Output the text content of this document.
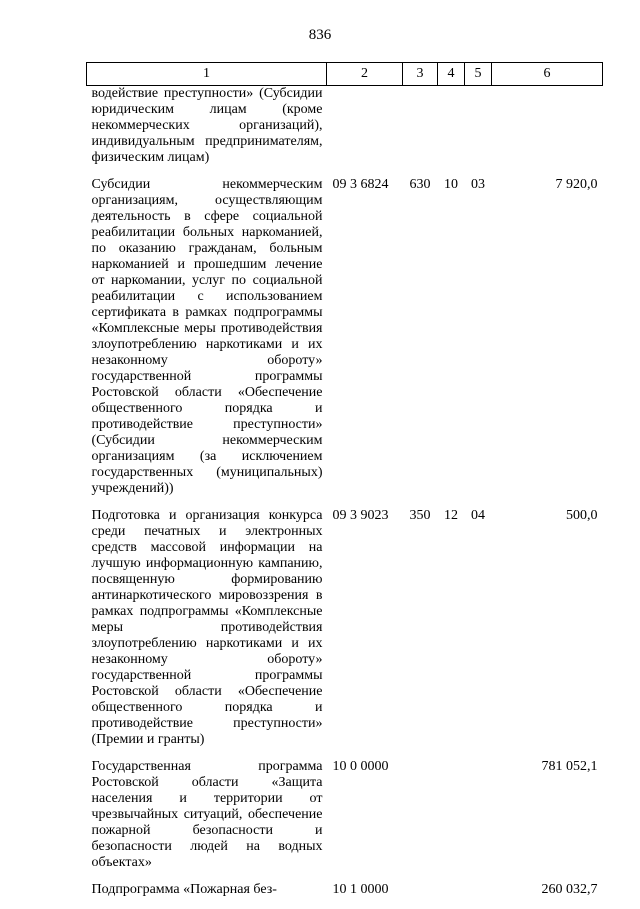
836
1	2	3	4	5	6
водействие преступности» (Субсидии юридическим лицам (кроме некоммерческих организаций), индивидуальным предпринимателям, физическим лицам)					
Субсидии некоммерческим организациям, осуществляющим деятельность в сфере социальной реабилитации больных наркоманией, по оказанию гражданам, больным наркоманией и прошедшим лечение от наркомании, услуг по социальной реабилитации с использованием сертификата в рамках подпрограммы «Комплексные меры противодействия злоупотреблению наркотиками и их незаконному обороту» государственной программы Ростовской области «Обеспечение общественного порядка и противодействие преступности» (Субсидии некоммерческим организациям (за исключением государственных (муниципальных) учреждений))	09 3 6824	630	10	03	7 920,0
Подготовка и организация конкурса среди печатных и электронных средств массовой информации на лучшую информационную кампанию, посвященную формированию антинаркотического мировоззрения в рамках подпрограммы «Комплексные меры противодействия злоупотреблению наркотиками и их незаконному обороту» государственной программы Ростовской области «Обеспечение общественного порядка и противодействие преступности» (Премии и гранты)	09 3 9023	350	12	04	500,0
Государственная программа Ростовской области «Защита населения и территории от чрезвычайных ситуаций, обеспечение пожарной безопасности и безопасности людей на водных объектах»	10 0 0000				781 052,1
Подпрограмма «Пожарная без-	10 1 0000				260 032,7
